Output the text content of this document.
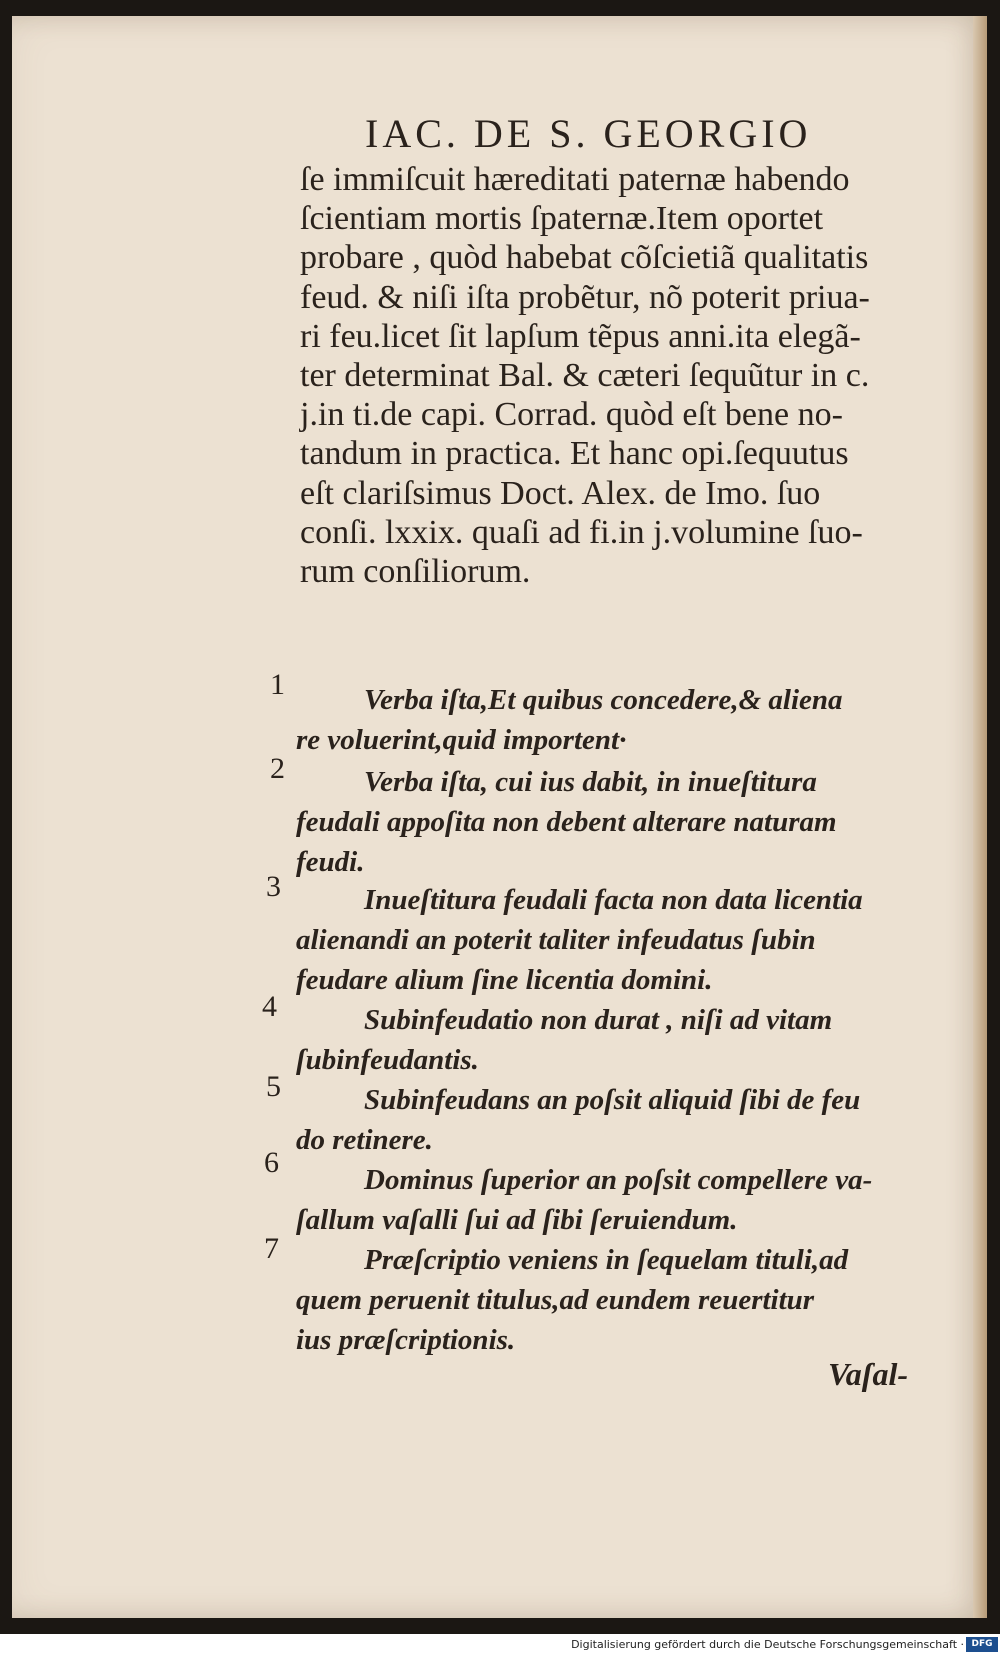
IAC. DE S. GEORGIO
ſe immiſcuit hæreditati paternæ habendo
ſcientiam mortis ſpaternæ.Item oportet
probare , quòd habebat cõſcietiã qualitatis
feud. & niſi iſta probẽtur, nõ poterit priua-
ri feu.licet ſit lapſum tẽpus anni.ita elegã-
ter determinat Bal. & cæteri ſequũtur in c.
j.in ti.de capi. Corrad. quòd eſt bene no-
tandum in practica. Et hanc opi.ſequutus
eſt clariſsimus Doct. Alex. de Imo. ſuo
conſi. lxxix. quaſi ad fi.in j.volumine ſuo-
rum conſiliorum.
1	Verba iſta,Et quibus concedere,& aliena
re voluerint,quid importent·
2	Verba iſta, cui ius dabit, in inueſtitura
feudali appoſita non debent alterare naturam
feudi.
3	Inueſtitura feudali facta non data licentia
alienandi an poterit taliter infeudatus ſubin
feudare alium ſine licentia domini.
4	Subinfeudatio non durat , niſi ad vitam
ſubinfeudantis.
5	Subinfeudans an poſsit aliquid ſibi de feu
do retinere.
6
Dominus ſuperior an poſsit compellere va-
ſallum vaſalli ſui ad ſibi ſeruiendum.
7	Præſcriptio veniens in ſequelam tituli,ad
quem peruenit titulus,ad eundem reuertitur
ius præſcriptionis.
Vaſal-
Digitalisierung gefördert durch die Deutsche Forschungsgemeinschaft · DFG
